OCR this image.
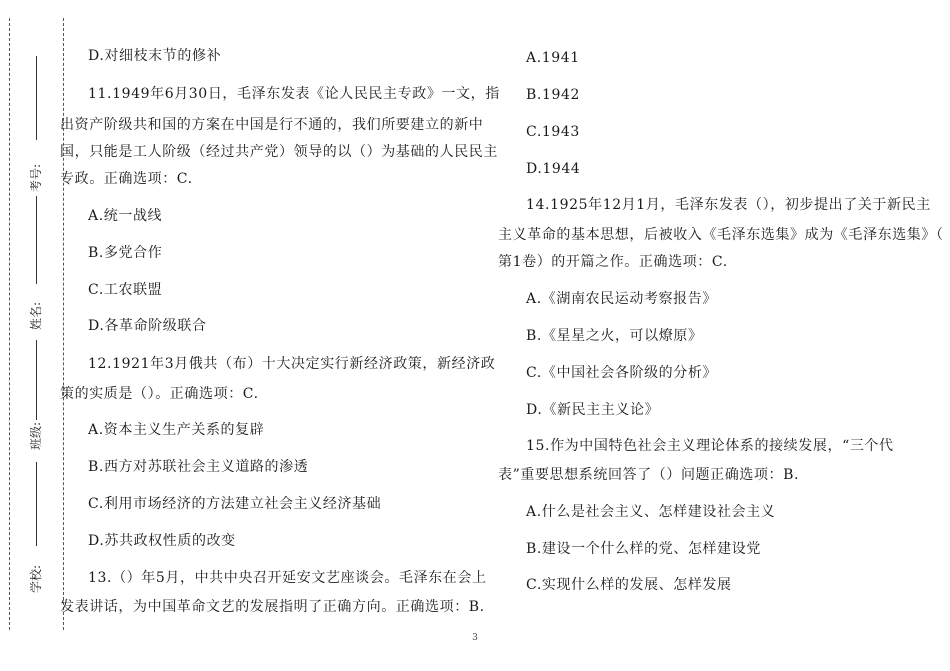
考号:
姓名:
班级:
学校:
D.对细枝末节的修补
11.1949年6月30日，毛泽东发表《论人民民主专政》一文，指
出资产阶级共和国的方案在中国是行不通的，我们所要建立的新中
国，只能是工人阶级（经过共产党）领导的以（）为基础的人民民主
专政。正确选项：C.
A.统一战线
B.多党合作
C.工农联盟
D.各革命阶级联合
12.1921年3月俄共（布）十大决定实行新经济政策，新经济政
策的实质是（）。正确选项：C.
A.资本主义生产关系的复辟
B.西方对苏联社会主义道路的渗透
C.利用市场经济的方法建立社会主义经济基础
D.苏共政权性质的改变
13.（）年5月，中共中央召开延安文艺座谈会。毛泽东在会上
发表讲话，为中国革命文艺的发展指明了正确方向。正确选项：B.
A.1941
B.1942
C.1943
D.1944
14.1925年12月1月，毛泽东发表（），初步提出了关于新民主
主义革命的基本思想，后被收入《毛泽东选集》成为《毛泽东选集》（
第1卷）的开篇之作。正确选项：C.
A.《湖南农民运动考察报告》
B.《星星之火，可以燎原》
C.《中国社会各阶级的分析》
D.《新民主主义论》
15.作为中国特色社会主义理论体系的接续发展，“三个代
表”重要思想系统回答了（）问题正确选项：B.
A.什么是社会主义、怎样建设社会主义
B.建设一个什么样的党、怎样建设党
C.实现什么样的发展、怎样发展
3
